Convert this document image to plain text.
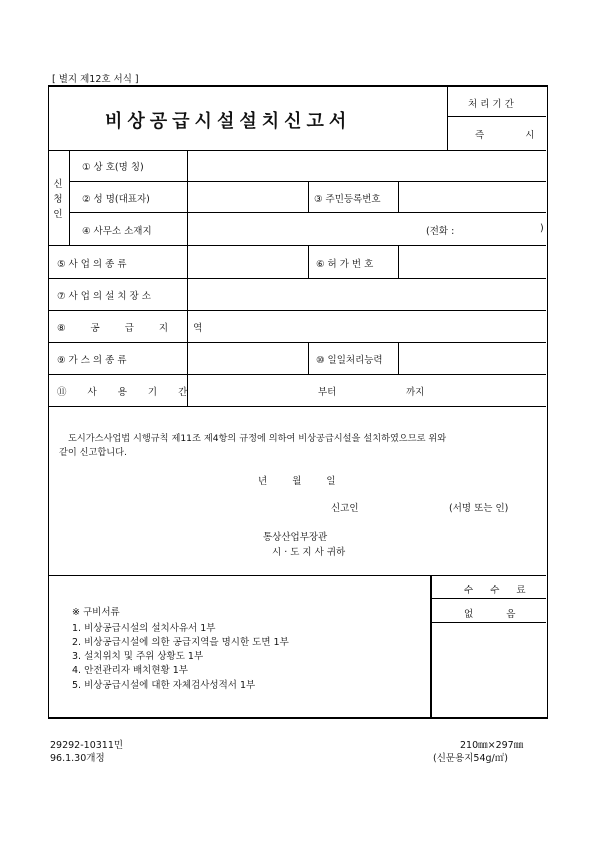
[ 별지 제12호 서식 ]
비상공급시설설치신고서
처 리 기 간
즉 시
신청인
① 상 호(명 칭)
② 성 명(대표자)	③ 주민등록번호
④ 사무소 소재지	(전화 :	)
⑤ 사 업 의 종 류	⑥ 허 가 번 호
⑦ 사 업 의 설 치 장 소
⑧ 공 급 지 역
⑨ 가 스 의 종 류	⑩ 일일처리능력
⑪ 사 용 기 간	부터	까지
도시가스사업법 시행규칙 제11조 제4항의 규정에 의하여 비상공급시설을 설치하였으므로 위와
같이 신고합니다.
년 월 일
신고인	(서명 또는 인)
통상산업부장관
시 · 도 지 사 귀하
수 수 료
없 음
※ 구비서류
1. 비상공급시설의 설치사유서 1부
2. 비상공급시설에 의한 공급지역을 명시한 도면 1부
3. 설치위치 및 주위 상황도 1부
4. 안전관리자 배치현황 1부
5. 비상공급시설에 대한 자체검사성적서 1부
29292-10311민
96.1.30개정
210㎜×297㎜
(신문용지54g/㎡)
